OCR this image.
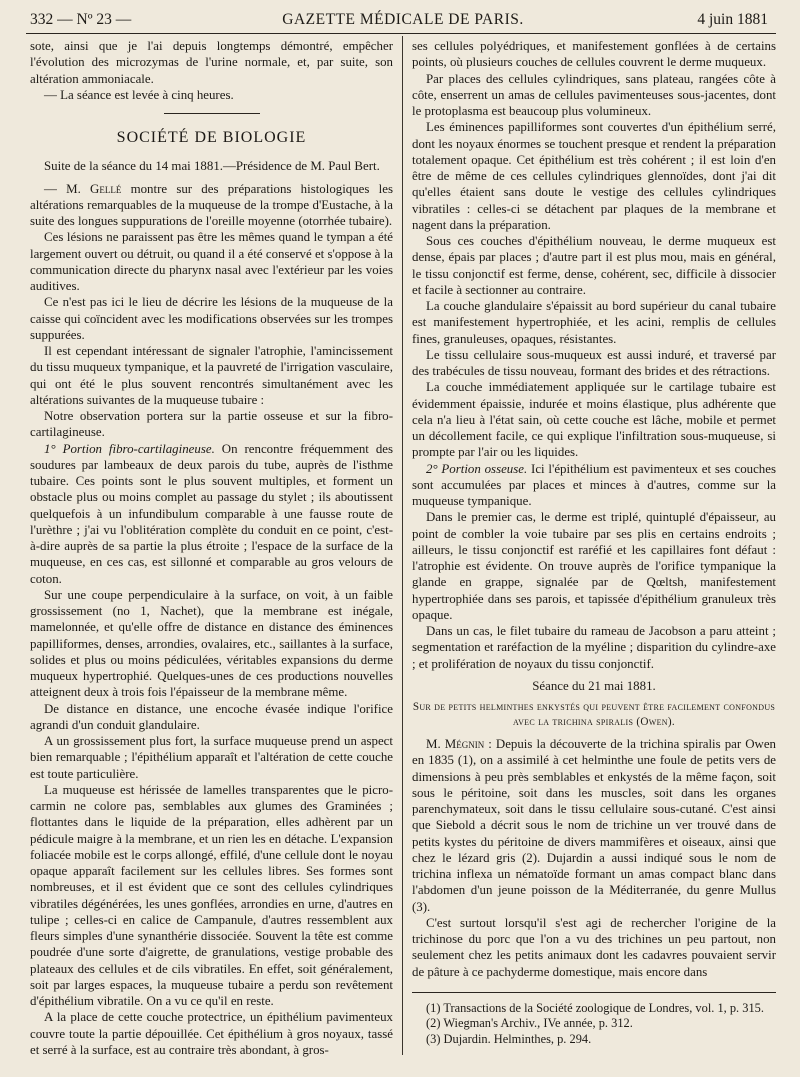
332 — Nº 23 —	GAZETTE MÉDICALE DE PARIS.	4 juin 1881

sote, ainsi que je l'ai depuis longtemps démontré, empêcher l'évolution des microzymas de l'urine normale, et, par suite, son altération ammoniacale.

— La séance est levée à cinq heures.

SOCIÉTÉ DE BIOLOGIE

Suite de la séance du 14 mai 1881.—Présidence de M. Paul Bert.

— M. Gellé montre sur des préparations histologiques les altérations remarquables de la muqueuse de la trompe d'Eustache, à la suite des longues suppurations de l'oreille moyenne (otorrhée tubaire).

Ces lésions ne paraissent pas être les mêmes quand le tympan a été largement ouvert ou détruit, ou quand il a été conservé et s'oppose à la communication directe du pharynx nasal avec l'extérieur par les voies auditives.

Ce n'est pas ici le lieu de décrire les lésions de la muqueuse de la caisse qui coïncident avec les modifications observées sur les trompes suppurées.

Il est cependant intéressant de signaler l'atrophie, l'amincissement du tissu muqueux tympanique, et la pauvreté de l'irrigation vasculaire, qui ont été le plus souvent rencontrés simultanément avec les altérations suivantes de la muqueuse tubaire :

Notre observation portera sur la partie osseuse et sur la fibro-cartilagineuse.

1° Portion fibro-cartilagineuse. On rencontre fréquemment des soudures par lambeaux de deux parois du tube, auprès de l'isthme tubaire. Ces points sont le plus souvent multiples, et forment un obstacle plus ou moins complet au passage du stylet ; ils aboutissent quelquefois à un infundibulum comparable à une fausse route de l'urèthre ; j'ai vu l'oblitération complète du conduit en ce point, c'est-à-dire auprès de sa partie la plus étroite ; l'espace de la surface de la muqueuse, en ces cas, est sillonné et comparable au gros velours de coton.

Sur une coupe perpendiculaire à la surface, on voit, à un faible grossissement (no 1, Nachet), que la membrane est inégale, mamelonnée, et qu'elle offre de distance en distance des éminences papilliformes, denses, arrondies, ovalaires, etc., saillantes à la surface, solides et plus ou moins pédiculées, véritables expansions du derme muqueux hypertrophié. Quelques-unes de ces productions nouvelles atteignent deux à trois fois l'épaisseur de la membrane même.

De distance en distance, une encoche évasée indique l'orifice agrandi d'un conduit glandulaire.

A un grossissement plus fort, la surface muqueuse prend un aspect bien remarquable ; l'épithélium apparaît et l'altération de cette couche est toute particulière.

La muqueuse est hérissée de lamelles transparentes que le picro-carmin ne colore pas, semblables aux glumes des Graminées ; flottantes dans le liquide de la préparation, elles adhèrent par un pédicule maigre à la membrane, et un rien les en détache. L'expansion foliacée mobile est le corps allongé, effilé, d'une cellule dont le noyau opaque apparaît facilement sur les cellules libres. Ses formes sont nombreuses, et il est évident que ce sont des cellules cylindriques vibratiles dégénérées, les unes gonflées, arrondies en urne, d'autres en tulipe ; celles-ci en calice de Campanule, d'autres ressemblent aux fleurs simples d'une synanthérie dissociée. Souvent la tête est comme poudrée d'une sorte d'aigrette, de granulations, vestige probable des plateaux des cellules et de cils vibratiles. En effet, soit généralement, soit par larges espaces, la muqueuse tubaire a perdu son revêtement d'épithélium vibratile. On a vu ce qu'il en reste.

A la place de cette couche protectrice, un épithélium pavimenteux couvre toute la partie dépouillée. Cet épithélium à gros noyaux, tassé et serré à la surface, est au contraire très abondant, à gros-

ses cellules polyédriques, et manifestement gonflées à de certains points, où plusieurs couches de cellules couvrent le derme muqueux.

Par places des cellules cylindriques, sans plateau, rangées côte à côte, enserrent un amas de cellules pavimenteuses sous-jacentes, dont le protoplasma est beaucoup plus volumineux.

Les éminences papilliformes sont couvertes d'un épithélium serré, dont les noyaux énormes se touchent presque et rendent la préparation totalement opaque. Cet épithélium est très cohérent ; il est loin d'en être de même de ces cellules cylindriques glennoïdes, dont j'ai dit qu'elles étaient sans doute le vestige des cellules cylindriques vibratiles : celles-ci se détachent par plaques de la membrane et nagent dans la préparation.

Sous ces couches d'épithélium nouveau, le derme muqueux est dense, épais par places ; d'autre part il est plus mou, mais en général, le tissu conjonctif est ferme, dense, cohérent, sec, difficile à dissocier et facile à sectionner au contraire.

La couche glandulaire s'épaissit au bord supérieur du canal tubaire est manifestement hypertrophiée, et les acini, remplis de cellules fines, granuleuses, opaques, résistantes.

Le tissu cellulaire sous-muqueux est aussi induré, et traversé par des trabécules de tissu nouveau, formant des brides et des rétractions.

La couche immédiatement appliquée sur le cartilage tubaire est évidemment épaissie, indurée et moins élastique, plus adhérente que cela n'a lieu à l'état sain, où cette couche est lâche, mobile et permet un décollement facile, ce qui explique l'infiltration sous-muqueuse, si prompte par l'air ou les liquides.

2° Portion osseuse. Ici l'épithélium est pavimenteux et ses couches sont accumulées par places et minces à d'autres, comme sur la muqueuse tympanique.

Dans le premier cas, le derme est triplé, quintuplé d'épaisseur, au point de combler la voie tubaire par ses plis en certains endroits ; ailleurs, le tissu conjonctif est raréfié et les capillaires font défaut : l'atrophie est évidente. On trouve auprès de l'orifice tympanique la glande en grappe, signalée par de Qœltsh, manifestement hypertrophiée dans ses parois, et tapissée d'épithélium granuleux très opaque.

Dans un cas, le filet tubaire du rameau de Jacobson a paru atteint ; segmentation et raréfaction de la myéline ; disparition du cylindre-axe ; et prolifération de noyaux du tissu conjonctif.

Séance du 21 mai 1881.

Sur de petits helminthes enkystés qui peuvent être facilement confondus avec la trichina spiralis (Owen).

M. Mégnin : Depuis la découverte de la trichina spiralis par Owen en 1835 (1), on a assimilé à cet helminthe une foule de petits vers de dimensions à peu près semblables et enkystés de la même façon, soit sous le péritoine, soit dans les muscles, soit dans les organes parenchymateux, soit dans le tissu cellulaire sous-cutané. C'est ainsi que Siebold a décrit sous le nom de trichine un ver trouvé dans de petits kystes du péritoine de divers mammifères et oiseaux, ainsi que chez le lézard gris (2). Dujardin a aussi indiqué sous le nom de trichina inflexa un nématoïde formant un amas compact blanc dans l'abdomen d'un jeune poisson de la Méditerranée, du genre Mullus (3).

C'est surtout lorsqu'il s'est agi de rechercher l'origine de la trichinose du porc que l'on a vu des trichines un peu partout, non seulement chez les petits animaux dont les cadavres pouvaient servir de pâture à ce pachyderme domestique, mais encore dans

(1) Transactions de la Société zoologique de Londres, vol. 1, p. 315.

(2) Wiegman's Archiv., IVe année, p. 312.

(3) Dujardin. Helminthes, p. 294.
